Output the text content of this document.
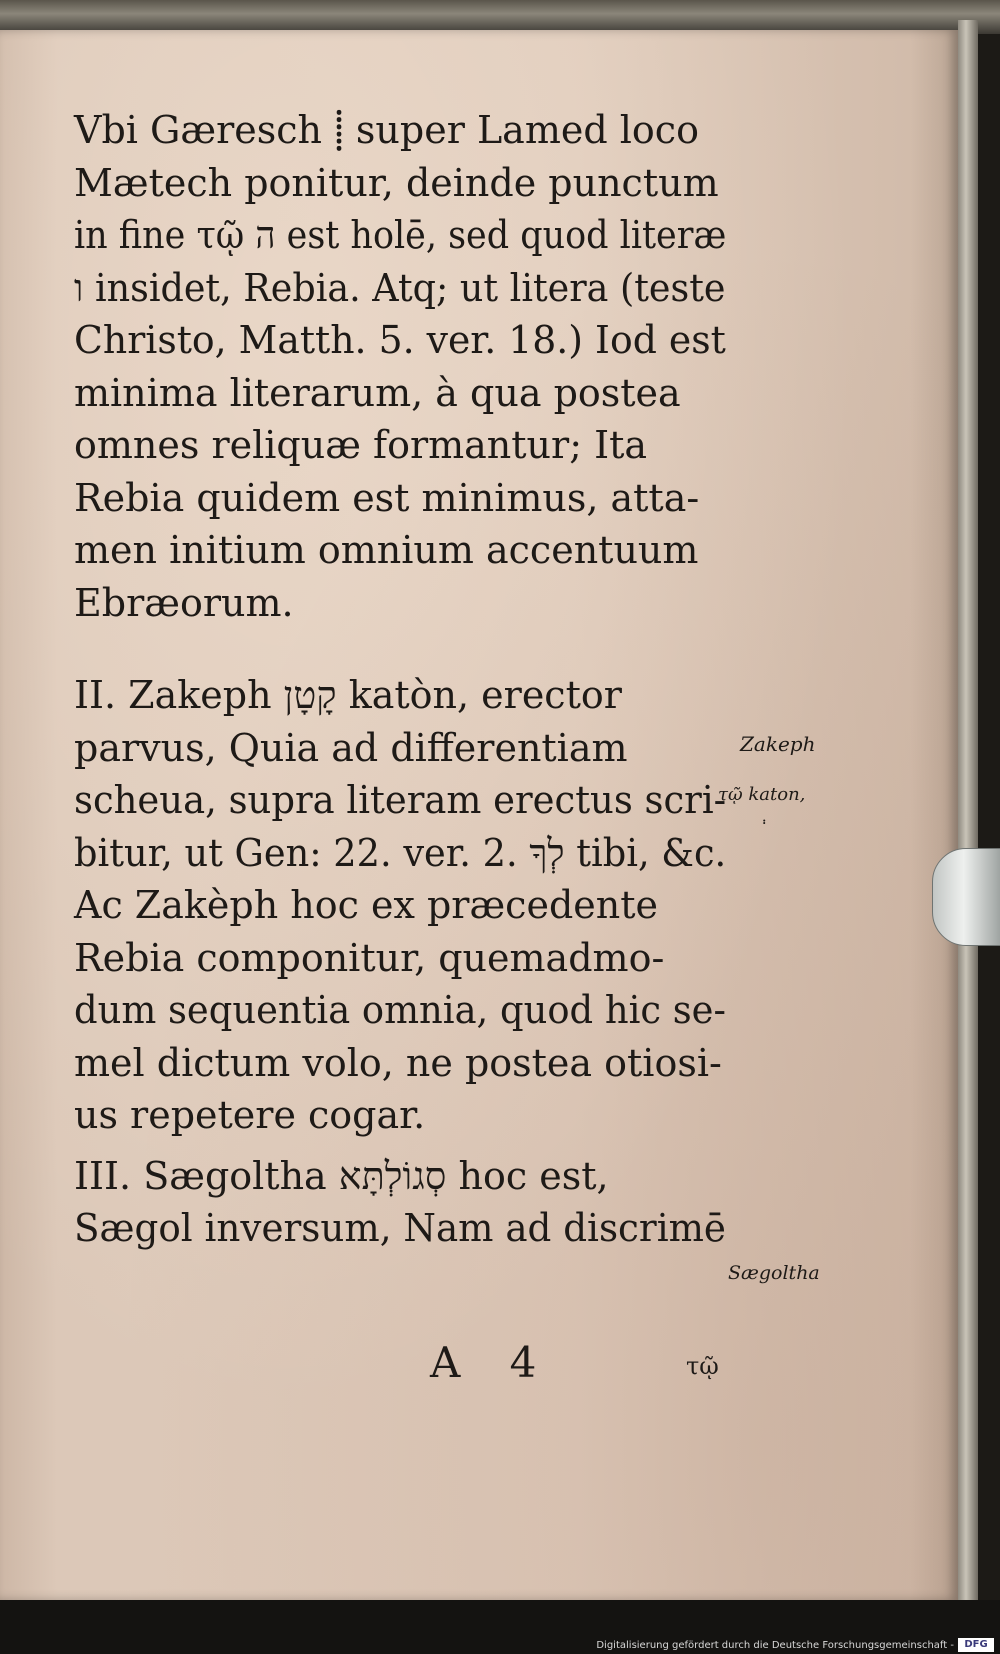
Vbi Gæresch ⸽ super Lamed loco
Mætech ponitur, deinde punctum
in fine τῷ ה est holē, sed quod literæ
ו insidet, Rebia. Atq; ut litera (teste
Christo, Matth. 5. ver. 18.) Iod est
minima literarum, à qua postea
omnes reliquæ formantur; Ita
Rebia quidem est minimus, atta-
men initium omnium accentuum
Ebræorum.
II. Zakeph קָטָן katòn, erector
parvus, Quia ad differentiam
scheua, supra literam erectus scri-
bitur, ut Gen: 22. ver. 2. לְךָ tibi, &c.
Ac Zakèph hoc ex præcedente
Rebia componitur, quemadmo-
dum sequentia omnia, quod hic se-
mel dictum volo, ne postea otiosi-
us repetere cogar.
III. Sægoltha סְגוֹלְתָּא hoc est,
Sægol inversum, Nam ad discrimē
Zakeph
τῷ katon,
Sægoltha
A 4	τῷ
Digitalisierung gefördert durch die Deutsche Forschungsgemeinschaft -	DFG
